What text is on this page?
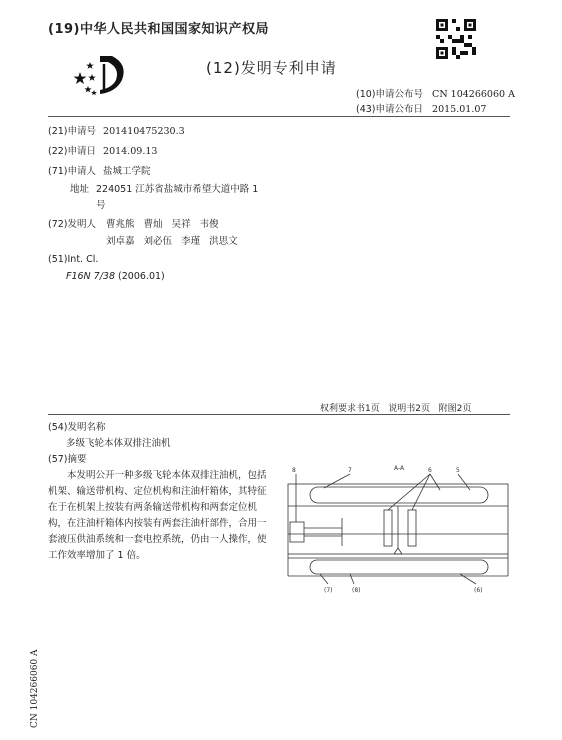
(19)中华人民共和国国家知识产权局
(12)发明专利申请
(10)申请公布号 CN 104266060 A
(43)申请公布日 2015.01.07
(21)申请号 201410475230.3
(22)申请日 2014.09.13
(71)申请人 盐城工学院
地址 224051 江苏省盐城市希望大道中路 1
号
(72)发明人 曹兆熊   曹灿   吴祥   韦俊
刘卓嘉   刘必伍   李瑾   洪思文
(51)Int. Cl.
F16N 7/38 (2006.01)
权利要求书1页   说明书2页   附图2页
(54)发明名称
多级飞轮本体双排注油机
(57)摘要
本发明公开一种多级飞轮本体双排注油机，包括机架、输送带机构、定位机构和注油杆箱体，其特征在于在机架上按装有两条输送带机构和两套定位机构，在注油杆箱体内按装有两套注油杆部件，合用一套液压供油系统和一套电控系统，仍由一人操作，使工作效率增加了 1 倍。
A-A
8	7	6	5
(7)	(8)	(6)
CN 104266060 A
